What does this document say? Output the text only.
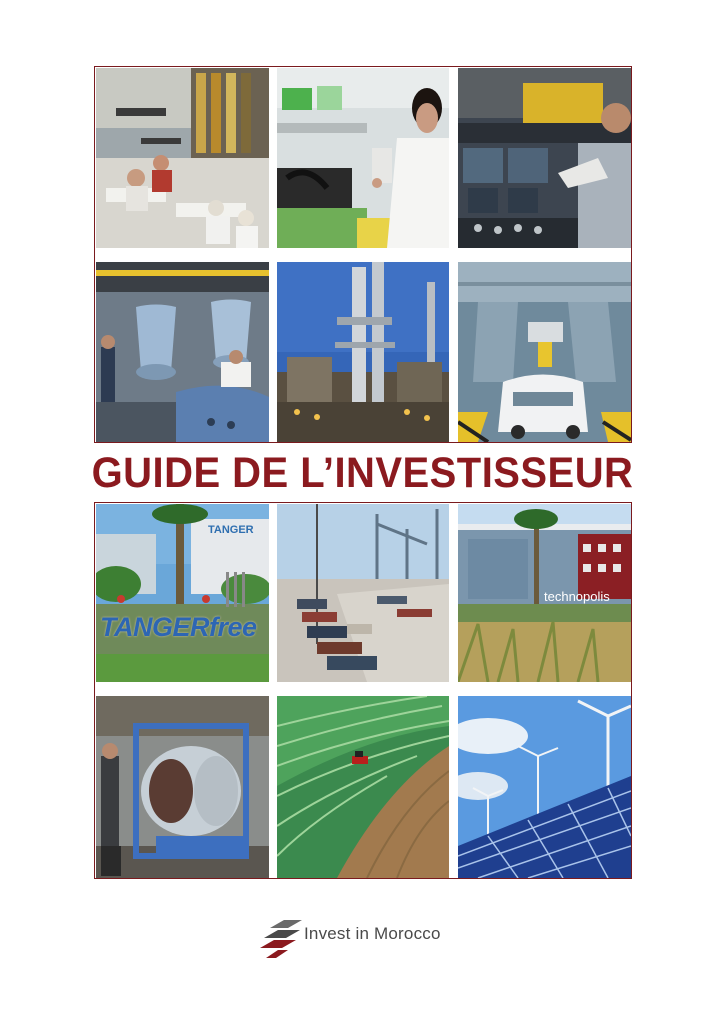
GUIDE DE L’INVESTISSEUR
TANGER
TANGERfree
technopolis
Invest in Morocco
